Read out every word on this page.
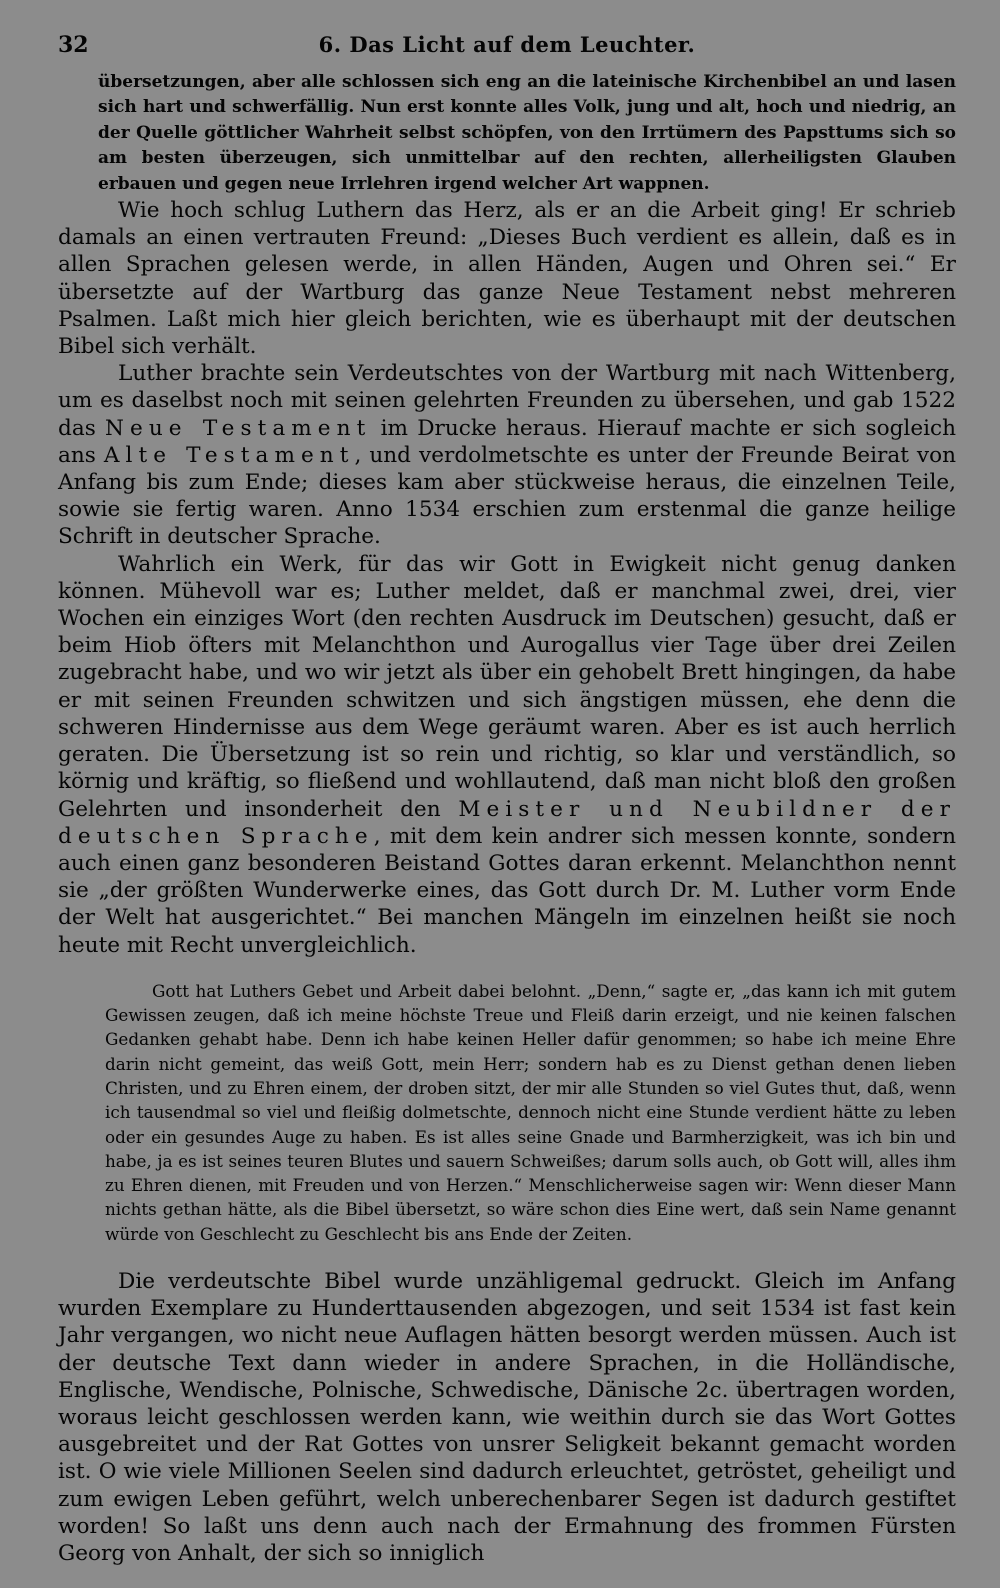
32	6. Das Licht auf dem Leuchter.

übersetzungen, aber alle schlossen sich eng an die lateinische Kirchenbibel an und lasen sich hart und schwerfällig. Nun erst konnte alles Volk, jung und alt, hoch und niedrig, an der Quelle göttlicher Wahrheit selbst schöpfen, von den Irrtümern des Papsttums sich so am besten überzeugen, sich unmittelbar auf den rechten, allerheiligsten Glauben erbauen und gegen neue Irrlehren irgend welcher Art wappnen.

Wie hoch schlug Luthern das Herz, als er an die Arbeit ging! Er schrieb damals an einen vertrauten Freund: „Dieses Buch verdient es allein, daß es in allen Sprachen gelesen werde, in allen Händen, Augen und Ohren sei.“ Er übersetzte auf der Wartburg das ganze Neue Testament nebst mehreren Psalmen. Laßt mich hier gleich berichten, wie es überhaupt mit der deutschen Bibel sich verhält.

Luther brachte sein Verdeutschtes von der Wartburg mit nach Wittenberg, um es daselbst noch mit seinen gelehrten Freunden zu übersehen, und gab 1522 das Neue Testament im Drucke heraus. Hierauf machte er sich sogleich ans Alte Testament, und verdolmetschte es unter der Freunde Beirat von Anfang bis zum Ende; dieses kam aber stückweise heraus, die einzelnen Teile, sowie sie fertig waren. Anno 1534 erschien zum erstenmal die ganze heilige Schrift in deutscher Sprache.

Wahrlich ein Werk, für das wir Gott in Ewigkeit nicht genug danken können. Mühevoll war es; Luther meldet, daß er manchmal zwei, drei, vier Wochen ein einziges Wort (den rechten Ausdruck im Deutschen) gesucht, daß er beim Hiob öfters mit Melanchthon und Aurogallus vier Tage über drei Zeilen zugebracht habe, und wo wir jetzt als über ein gehobelt Brett hingingen, da habe er mit seinen Freunden schwitzen und sich ängstigen müssen, ehe denn die schweren Hindernisse aus dem Wege geräumt waren. Aber es ist auch herrlich geraten. Die Übersetzung ist so rein und richtig, so klar und verständlich, so körnig und kräftig, so fließend und wohllautend, daß man nicht bloß den großen Gelehrten und insonderheit den Meister und Neubildner der deutschen Sprache, mit dem kein andrer sich messen konnte, sondern auch einen ganz besonderen Beistand Gottes daran erkennt. Melanchthon nennt sie „der größten Wunderwerke eines, das Gott durch Dr. M. Luther vorm Ende der Welt hat ausgerichtet.“ Bei manchen Mängeln im einzelnen heißt sie noch heute mit Recht unvergleichlich.

Gott hat Luthers Gebet und Arbeit dabei belohnt. „Denn,“ sagte er, „das kann ich mit gutem Gewissen zeugen, daß ich meine höchste Treue und Fleiß darin erzeigt, und nie keinen falschen Gedanken gehabt habe. Denn ich habe keinen Heller dafür genommen; so habe ich meine Ehre darin nicht gemeint, das weiß Gott, mein Herr; sondern hab es zu Dienst gethan denen lieben Christen, und zu Ehren einem, der droben sitzt, der mir alle Stunden so viel Gutes thut, daß, wenn ich tausendmal so viel und fleißig dolmetschte, dennoch nicht eine Stunde verdient hätte zu leben oder ein gesundes Auge zu haben. Es ist alles seine Gnade und Barmherzigkeit, was ich bin und habe, ja es ist seines teuren Blutes und sauern Schweißes; darum solls auch, ob Gott will, alles ihm zu Ehren dienen, mit Freuden und von Herzen.“ Menschlicherweise sagen wir: Wenn dieser Mann nichts gethan hätte, als die Bibel übersetzt, so wäre schon dies Eine wert, daß sein Name genannt würde von Geschlecht zu Geschlecht bis ans Ende der Zeiten.

Die verdeutschte Bibel wurde unzähligemal gedruckt. Gleich im Anfang wurden Exemplare zu Hunderttausenden abgezogen, und seit 1534 ist fast kein Jahr vergangen, wo nicht neue Auflagen hätten besorgt werden müssen. Auch ist der deutsche Text dann wieder in andere Sprachen, in die Holländische, Englische, Wendische, Polnische, Schwedische, Dänische 2c. übertragen worden, woraus leicht geschlossen werden kann, wie weithin durch sie das Wort Gottes ausgebreitet und der Rat Gottes von unsrer Seligkeit bekannt gemacht worden ist. O wie viele Millionen Seelen sind dadurch erleuchtet, getröstet, geheiligt und zum ewigen Leben geführt, welch unberechenbarer Segen ist dadurch gestiftet worden! So laßt uns denn auch nach der Ermahnung des frommen Fürsten Georg von Anhalt, der sich so inniglich
